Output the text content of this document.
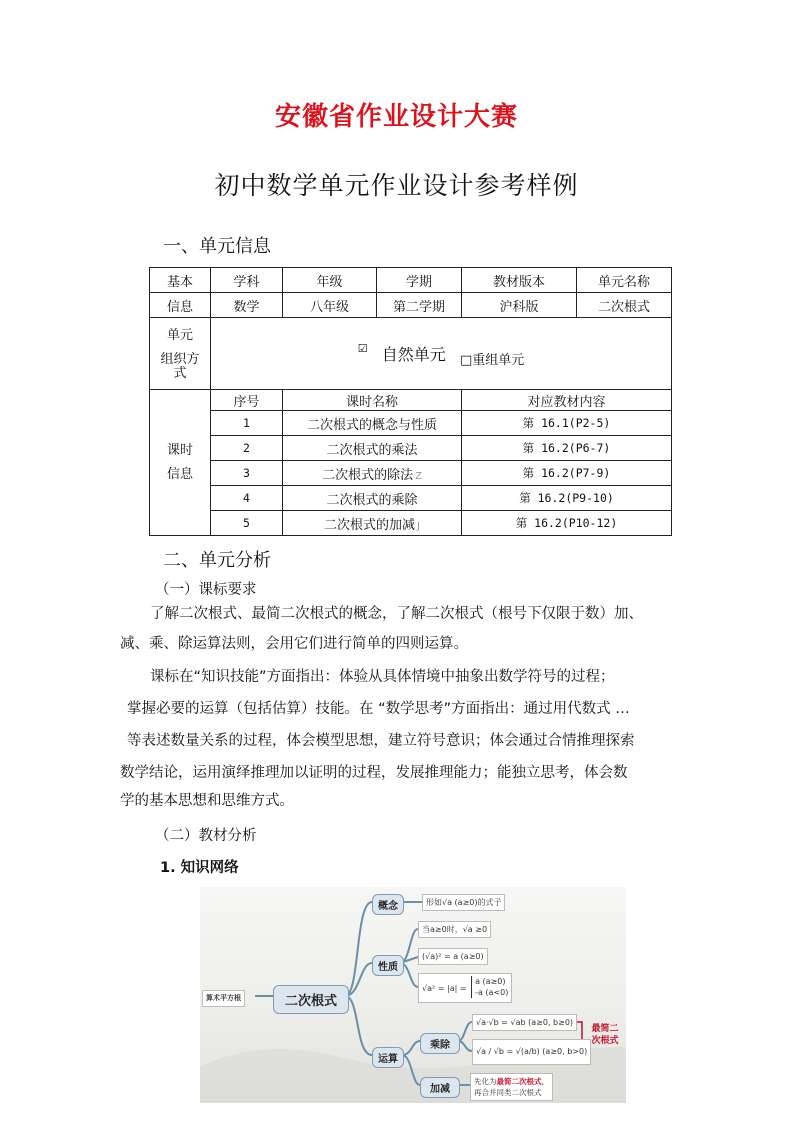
安徽省作业设计大赛
初中数学单元作业设计参考样例
一、单元信息
基本	学科	年级	学期	教材版本	单元名称
信息	数学	八年级	第二学期	沪科版	二次根式

单元
组织方
式	☑ 自然单元 □重组单元				

课时
信息	序号	课时名称		对应教材内容	
	1	二次根式的概念与性质		第 16.1(P2-5)	
	2	二次根式的乘法		第 16.2(P6-7)	
	3	二次根式的除法 Z		第 16.2(P7-9)	
	4	二次根式的乘除		第 16.2(P9-10)	
	5	二次根式的加减 J		第 16.2(P10-12)	
二、单元分析
（一）课标要求
了解二次根式、最简二次根式的概念，了解二次根式（根号下仅限于数）加、
减、乘、除运算法则，会用它们进行简单的四则运算。
课标在“知识技能”方面指出：体验从具体情境中抽象出数学符号的过程；
掌握必要的运算（包括估算）技能。在 “数学思考”方面指出：通过用代数式 …
等表述数量关系的过程，体会模型思想，建立符号意识；体会通过合情推理探索
数学结论，运用演绎推理加以证明的过程，发展推理能力；能独立思考，体会数
学的基本思想和思维方式。
（二）教材分析
1. 知识网络
算术平方根	二次根式
概念	形如√a (a≥0)的式子
性质
当a≥0时，√a ≥0
(√a)² = a (a≥0)
√a² = |a| =
a (a≥0)
-a (a<0)
运算
乘除
√a·√b = √ab (a≥0, b≥0)
√a / √b = √(a/b) (a≥0, b>0)
最简二
次根式
加减
先化为最简二次根式，
再合并同类二次根式
